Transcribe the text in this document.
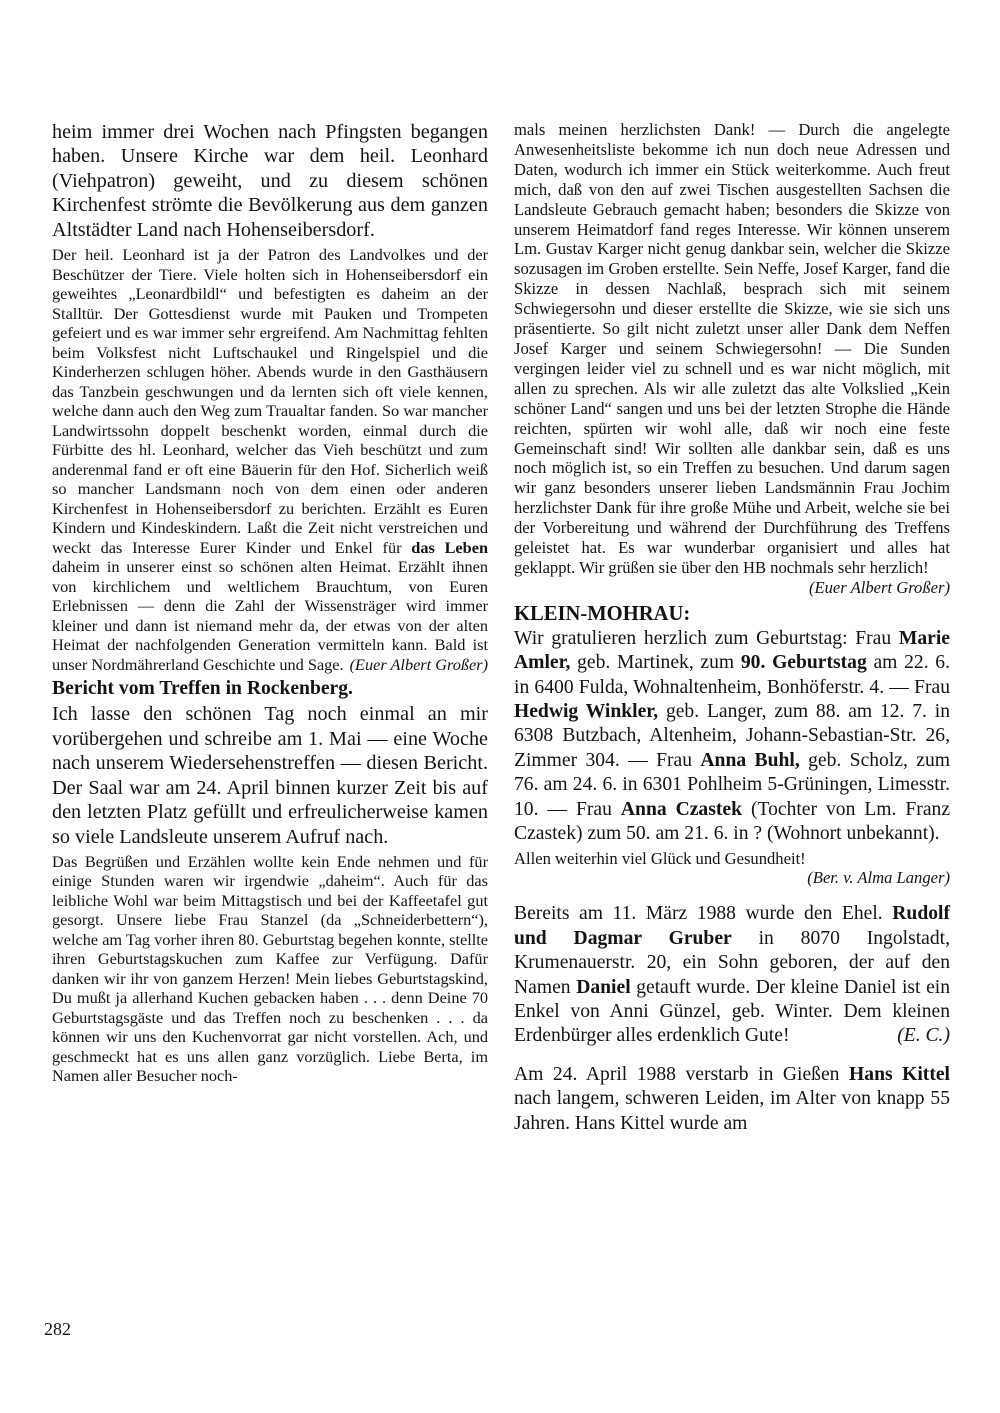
heim immer drei Wochen nach Pfingsten begangen haben. Unsere Kirche war dem heil. Leonhard (Viehpatron) geweiht, und zu diesem schönen Kirchenfest strömte die Bevölkerung aus dem ganzen Altstädter Land nach Hohenseibersdorf.

Der heil. Leonhard ist ja der Patron des Landvolkes und der Beschützer der Tiere. Viele holten sich in Hohenseibersdorf ein geweihtes „Leonardbildl“ und befestigten es daheim an der Stalltür. Der Gottesdienst wurde mit Pauken und Trompeten gefeiert und es war immer sehr ergreifend. Am Nachmittag fehlten beim Volksfest nicht Luftschaukel und Ringelspiel und die Kinderherzen schlugen höher. Abends wurde in den Gasthäusern das Tanzbein geschwungen und da lernten sich oft viele kennen, welche dann auch den Weg zum Traualtar fanden. So war mancher Landwirtssohn doppelt beschenkt worden, einmal durch die Fürbitte des hl. Leonhard, welcher das Vieh beschützt und zum anderenmal fand er oft eine Bäuerin für den Hof. Sicherlich weiß so mancher Landsmann noch von dem einen oder anderen Kirchenfest in Hohenseibersdorf zu berichten. Erzählt es Euren Kindern und Kindeskindern. Laßt die Zeit nicht verstreichen und weckt das Interesse Eurer Kinder und Enkel für das Leben daheim in unserer einst so schönen alten Heimat. Erzählt ihnen von kirchlichem und weltlichem Brauchtum, von Euren Erlebnissen — denn die Zahl der Wissensträger wird immer kleiner und dann ist niemand mehr da, der etwas von der alten Heimat der nachfolgenden Generation vermitteln kann. Bald ist unser Nordmährerland Geschichte und Sage. (Euer Albert Großer)

Bericht vom Treffen in Rockenberg.

Ich lasse den schönen Tag noch einmal an mir vorübergehen und schreibe am 1. Mai — eine Woche nach unserem Wiedersehenstreffen — diesen Bericht. Der Saal war am 24. April binnen kurzer Zeit bis auf den letzten Platz gefüllt und erfreulicherweise kamen so viele Landsleute unserem Aufruf nach.

Das Begrüßen und Erzählen wollte kein Ende nehmen und für einige Stunden waren wir irgendwie „daheim“. Auch für das leibliche Wohl war beim Mittagstisch und bei der Kaffeetafel gut gesorgt. Unsere liebe Frau Stanzel (da „Schneiderbettern“), welche am Tag vorher ihren 80. Geburtstag begehen konnte, stellte ihren Geburtstagskuchen zum Kaffee zur Verfügung. Dafür danken wir ihr von ganzem Herzen! Mein liebes Geburtstagskind, Du mußt ja allerhand Kuchen gebacken haben . . . denn Deine 70 Geburtstagsgäste und das Treffen noch zu beschenken . . . da können wir uns den Kuchenvorrat gar nicht vorstellen. Ach, und geschmeckt hat es uns allen ganz vorzüglich. Liebe Berta, im Namen aller Besucher noch-

mals meinen herzlichsten Dank! — Durch die angelegte Anwesenheitsliste bekomme ich nun doch neue Adressen und Daten, wodurch ich immer ein Stück weiterkomme. Auch freut mich, daß von den auf zwei Tischen ausgestellten Sachsen die Landsleute Gebrauch gemacht haben; besonders die Skizze von unserem Heimatdorf fand reges Interesse. Wir können unserem Lm. Gustav Karger nicht genug dankbar sein, welcher die Skizze sozusagen im Groben erstellte. Sein Neffe, Josef Karger, fand die Skizze in dessen Nachlaß, besprach sich mit seinem Schwiegersohn und dieser erstellte die Skizze, wie sie sich uns präsentierte. So gilt nicht zuletzt unser aller Dank dem Neffen Josef Karger und seinem Schwiegersohn! — Die Sunden vergingen leider viel zu schnell und es war nicht möglich, mit allen zu sprechen. Als wir alle zuletzt das alte Volkslied „Kein schöner Land“ sangen und uns bei der letzten Strophe die Hände reichten, spürten wir wohl alle, daß wir noch eine feste Gemeinschaft sind! Wir sollten alle dankbar sein, daß es uns noch möglich ist, so ein Treffen zu besuchen. Und darum sagen wir ganz besonders unserer lieben Landsmännin Frau Jochim herzlichster Dank für ihre große Mühe und Arbeit, welche sie bei der Vorbereitung und während der Durchführung des Treffens geleistet hat. Es war wunderbar organisiert und alles hat geklappt. Wir grüßen sie über den HB nochmals sehr herzlich!

(Euer Albert Großer)
KLEIN-MOHRAU:

Wir gratulieren herzlich zum Geburtstag: Frau Marie Amler, geb. Martinek, zum 90. Geburtstag am 22. 6. in 6400 Fulda, Wohnaltenheim, Bonhöferstr. 4. — Frau Hedwig Winkler, geb. Langer, zum 88. am 12. 7. in 6308 Butzbach, Altenheim, Johann-Sebastian-Str. 26, Zimmer 304. — Frau Anna Buhl, geb. Scholz, zum 76. am 24. 6. in 6301 Pohlheim 5-Grüningen, Limesstr. 10. — Frau Anna Czastek (Tochter von Lm. Franz Czastek) zum 50. am 21. 6. in ? (Wohnort unbekannt).

Allen weiterhin viel Glück und Gesundheit!

(Ber. v. Alma Langer)

Bereits am 11. März 1988 wurde den Ehel. Rudolf und Dagmar Gruber in 8070 Ingolstadt, Krumenauerstr. 20, ein Sohn geboren, der auf den Namen Daniel getauft wurde. Der kleine Daniel ist ein Enkel von Anni Günzel, geb. Winter. Dem kleinen Erdenbürger alles erdenklich Gute!	(E. C.)

Am 24. April 1988 verstarb in Gießen Hans Kittel nach langem, schweren Leiden, im Alter von knapp 55 Jahren. Hans Kittel wurde am

282
